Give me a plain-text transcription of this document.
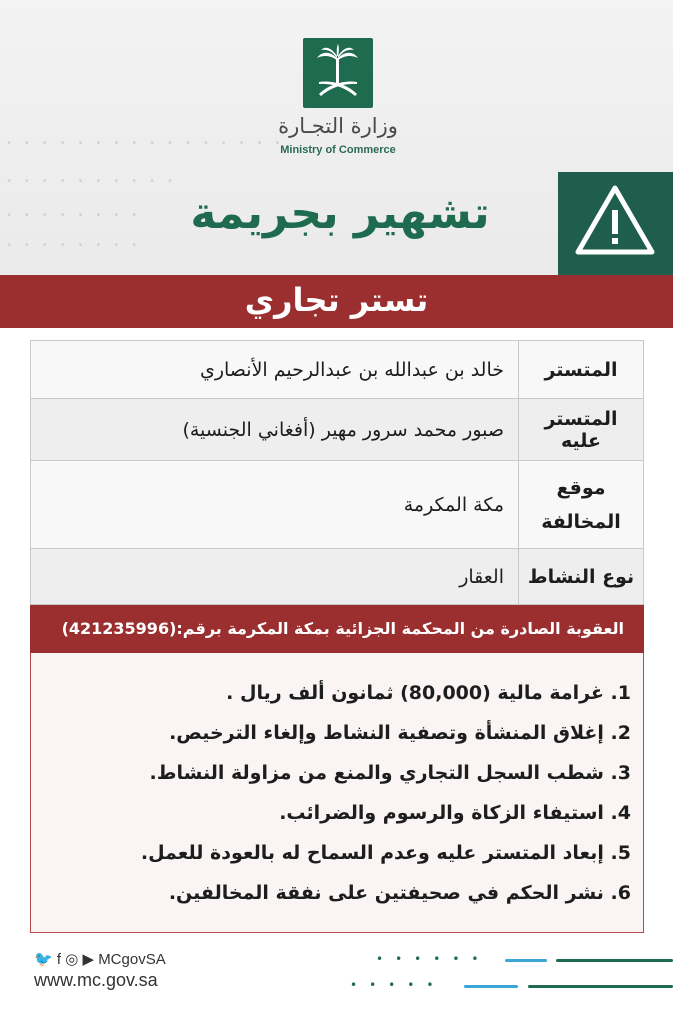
••••••••••••••••
••••••••••
••••••••
••••••••
وزارة التجـارة
Ministry of Commerce
تشهير بجريمة
تستر تجاري
المتستر	خالد بن عبدالله بن عبدالرحيم الأنصاري
المتستر عليه	صبور محمد سرور مهير (أفغاني الجنسية)
موقع المخالفة	مكة المكرمة
نوع النشاط	العقار
العقوبة الصادرة من المحكمة الجزائية بمكة المكرمة برقم:(421235996)
1. غرامة مالية (80,000) ثمانون ألف ريال .
2. إغلاق المنشأة وتصفية النشاط وإلغاء الترخيص.
3. شطب السجل التجاري والمنع من مزاولة النشاط.
4. استيفاء الزكاة والرسوم والضرائب.
5. إبعاد المتستر عليه وعدم السماح له بالعودة للعمل.
6. نشر الحكم في صحيفتين على نفقة المخالفين.
🐦 f ◎ ▶ MCgovSA
www.mc.gov.sa
••••••
•••••
